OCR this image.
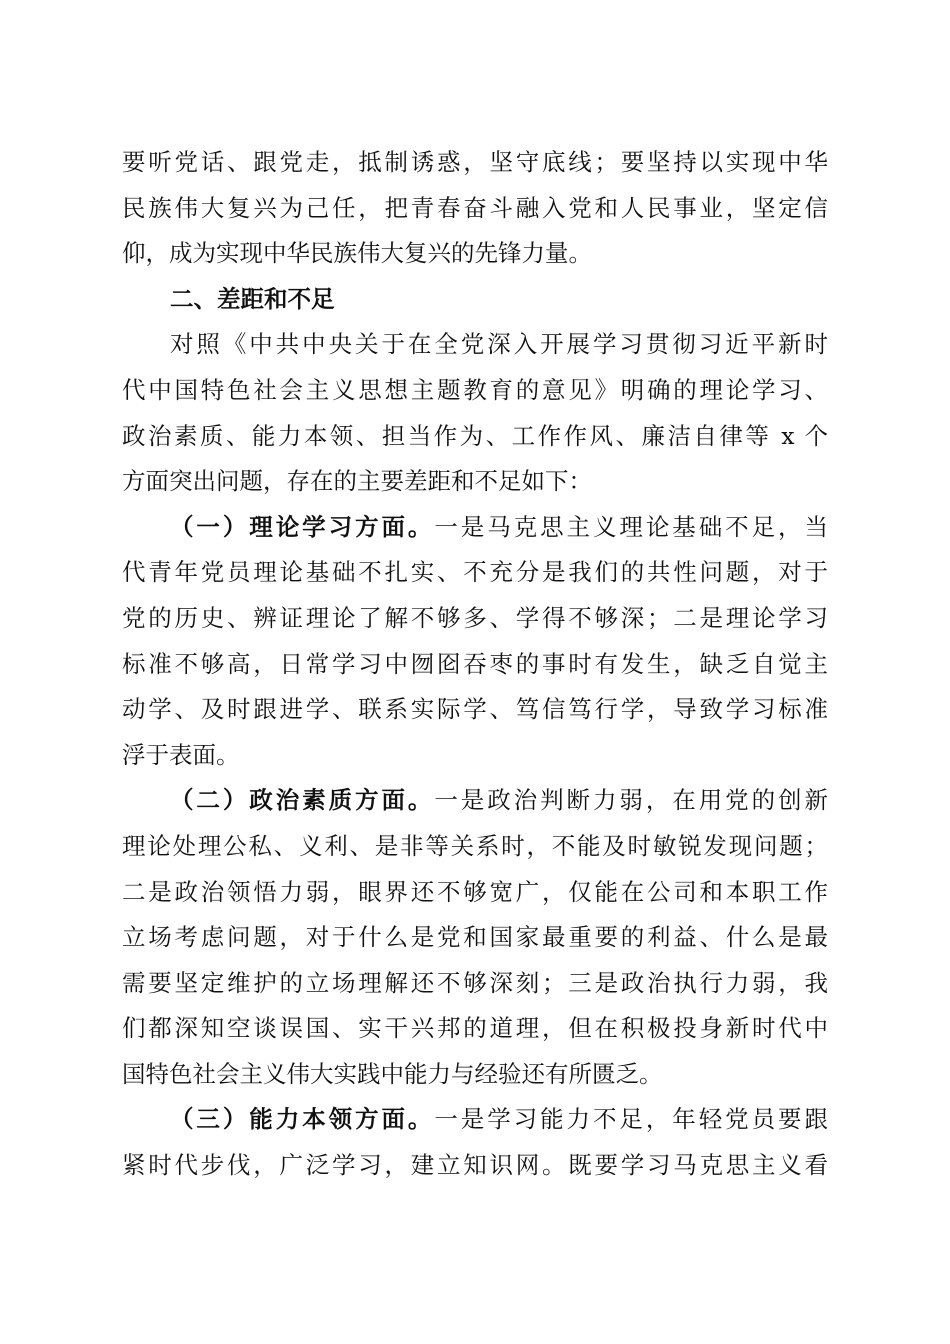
要听党话、跟党走，抵制诱惑，坚守底线；要坚持以实现中华
民族伟大复兴为己任，把青春奋斗融入党和人民事业，坚定信
仰，成为实现中华民族伟大复兴的先锋力量。
二、差距和不足
对照《中共中央关于在全党深入开展学习贯彻习近平新时
代中国特色社会主义思想主题教育的意见》明确的理论学习、
政治素质、能力本领、担当作为、工作作风、廉洁自律等 x 个
方面突出问题，存在的主要差距和不足如下：
（一）理论学习方面。一是马克思主义理论基础不足，当
代青年党员理论基础不扎实、不充分是我们的共性问题，对于
党的历史、辨证理论了解不够多、学得不够深；二是理论学习
标准不够高，日常学习中囫囵吞枣的事时有发生，缺乏自觉主
动学、及时跟进学、联系实际学、笃信笃行学，导致学习标准
浮于表面。
（二）政治素质方面。一是政治判断力弱，在用党的创新
理论处理公私、义利、是非等关系时，不能及时敏锐发现问题；
二是政治领悟力弱，眼界还不够宽广，仅能在公司和本职工作
立场考虑问题，对于什么是党和国家最重要的利益、什么是最
需要坚定维护的立场理解还不够深刻；三是政治执行力弱，我
们都深知空谈误国、实干兴邦的道理，但在积极投身新时代中
国特色社会主义伟大实践中能力与经验还有所匮乏。
（三）能力本领方面。一是学习能力不足，年轻党员要跟
紧时代步伐，广泛学习，建立知识网。既要学习马克思主义看
